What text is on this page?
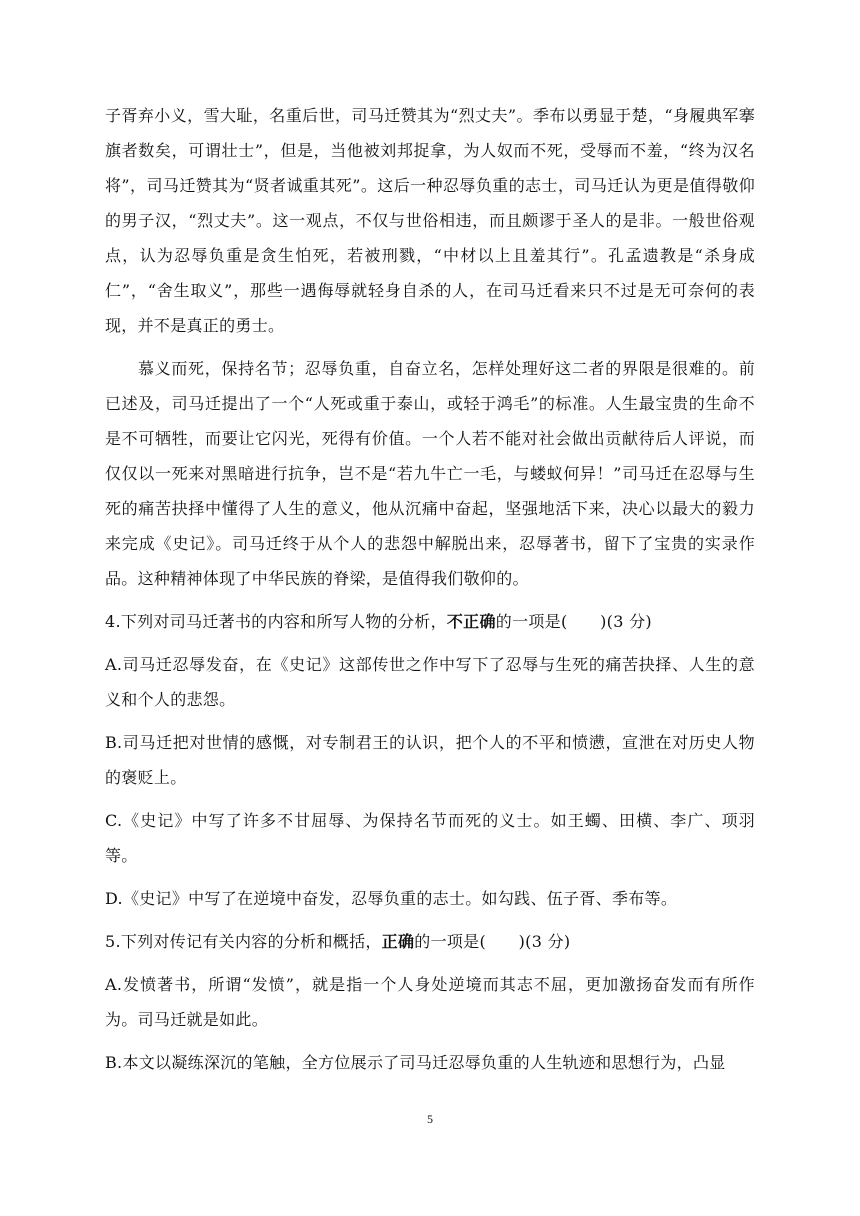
子胥弃小义，雪大耻，名重后世，司马迁赞其为“烈丈夫”。季布以勇显于楚，“身履典军搴旗者数矣，可谓壮士”，但是，当他被刘邦捉拿，为人奴而不死，受辱而不羞，“终为汉名将”，司马迁赞其为“贤者诚重其死”。这后一种忍辱负重的志士，司马迁认为更是值得敬仰的男子汉，“烈丈夫”。这一观点，不仅与世俗相违，而且颇谬于圣人的是非。一般世俗观点，认为忍辱负重是贪生怕死，若被刑戮，“中材以上且羞其行”。孔孟遗教是“杀身成仁”，“舍生取义”，那些一遇侮辱就轻身自杀的人，在司马迁看来只不过是无可奈何的表现，并不是真正的勇士。

慕义而死，保持名节；忍辱负重，自奋立名，怎样处理好这二者的界限是很难的。前已述及，司马迁提出了一个“人死或重于泰山，或轻于鸿毛”的标准。人生最宝贵的生命不是不可牺牲，而要让它闪光，死得有价值。一个人若不能对社会做出贡献待后人评说，而仅仅以一死来对黑暗进行抗争，岂不是“若九牛亡一毛，与蝼蚁何异！”司马迁在忍辱与生死的痛苦抉择中懂得了人生的意义，他从沉痛中奋起，坚强地活下来，决心以最大的毅力来完成《史记》。司马迁终于从个人的悲怨中解脱出来，忍辱著书，留下了宝贵的实录作品。这种精神体现了中华民族的脊梁，是值得我们敬仰的。

4.下列对司马迁著书的内容和所写人物的分析，不正确的一项是(　　)(3 分)

A.司马迁忍辱发奋，在《史记》这部传世之作中写下了忍辱与生死的痛苦抉择、人生的意义和个人的悲怨。

B.司马迁把对世情的感慨，对专制君王的认识，把个人的不平和愤懑，宣泄在对历史人物的褒贬上。

C.《史记》中写了许多不甘屈辱、为保持名节而死的义士。如王蠋、田横、李广、项羽等。

D.《史记》中写了在逆境中奋发，忍辱负重的志士。如勾践、伍子胥、季布等。

5.下列对传记有关内容的分析和概括，正确的一项是(　　)(3 分)

A.发愤著书，所谓“发愤”，就是指一个人身处逆境而其志不屈，更加激扬奋发而有所作为。司马迁就是如此。

B.本文以凝练深沉的笔触，全方位展示了司马迁忍辱负重的人生轨迹和思想行为，凸显

5
